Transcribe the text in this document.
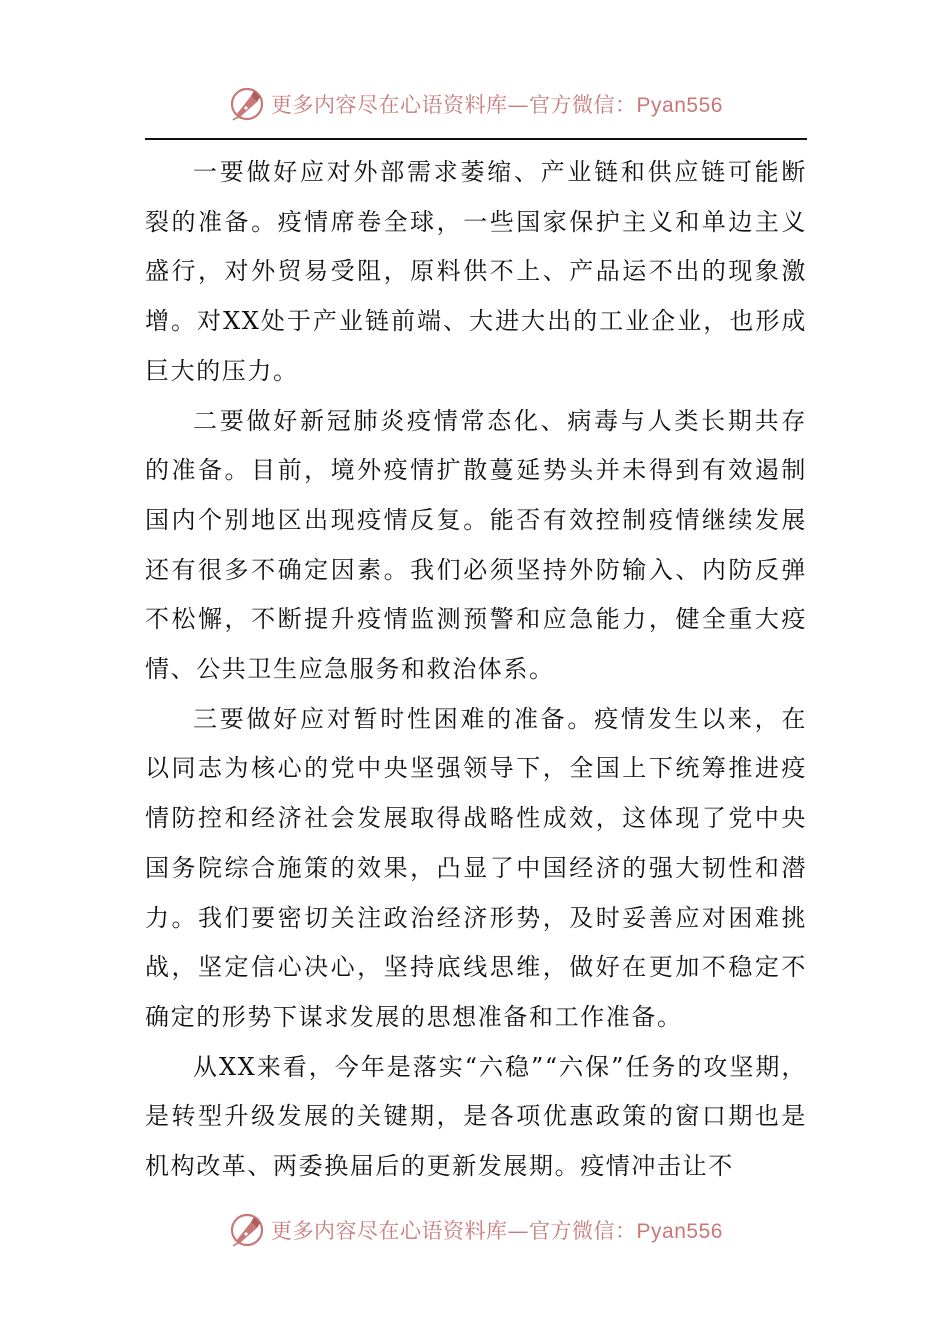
更多内容尽在心语资料库—官方微信：Pyan556

一要做好应对外部需求萎缩、产业链和供应链可能断裂的准备。疫情席卷全球，一些国家保护主义和单边主义盛行，对外贸易受阻，原料供不上、产品运不出的现象激增。对XX处于产业链前端、大进大出的工业企业，也形成巨大的压力。

二要做好新冠肺炎疫情常态化、病毒与人类长期共存的准备。目前，境外疫情扩散蔓延势头并未得到有效遏制国内个别地区出现疫情反复。能否有效控制疫情继续发展还有很多不确定因素。我们必须坚持外防输入、内防反弹不松懈，不断提升疫情监测预警和应急能力，健全重大疫情、公共卫生应急服务和救治体系。

三要做好应对暂时性困难的准备。疫情发生以来，在以同志为核心的党中央坚强领导下，全国上下统筹推进疫情防控和经济社会发展取得战略性成效，这体现了党中央国务院综合施策的效果，凸显了中国经济的强大韧性和潜力。我们要密切关注政治经济形势，及时妥善应对困难挑战，坚定信心决心，坚持底线思维，做好在更加不稳定不确定的形势下谋求发展的思想准备和工作准备。

从XX来看，今年是落实“六稳”“六保”任务的攻坚期，是转型升级发展的关键期，是各项优惠政策的窗口期也是机构改革、两委换届后的更新发展期。疫情冲击让不

更多内容尽在心语资料库—官方微信：Pyan556
